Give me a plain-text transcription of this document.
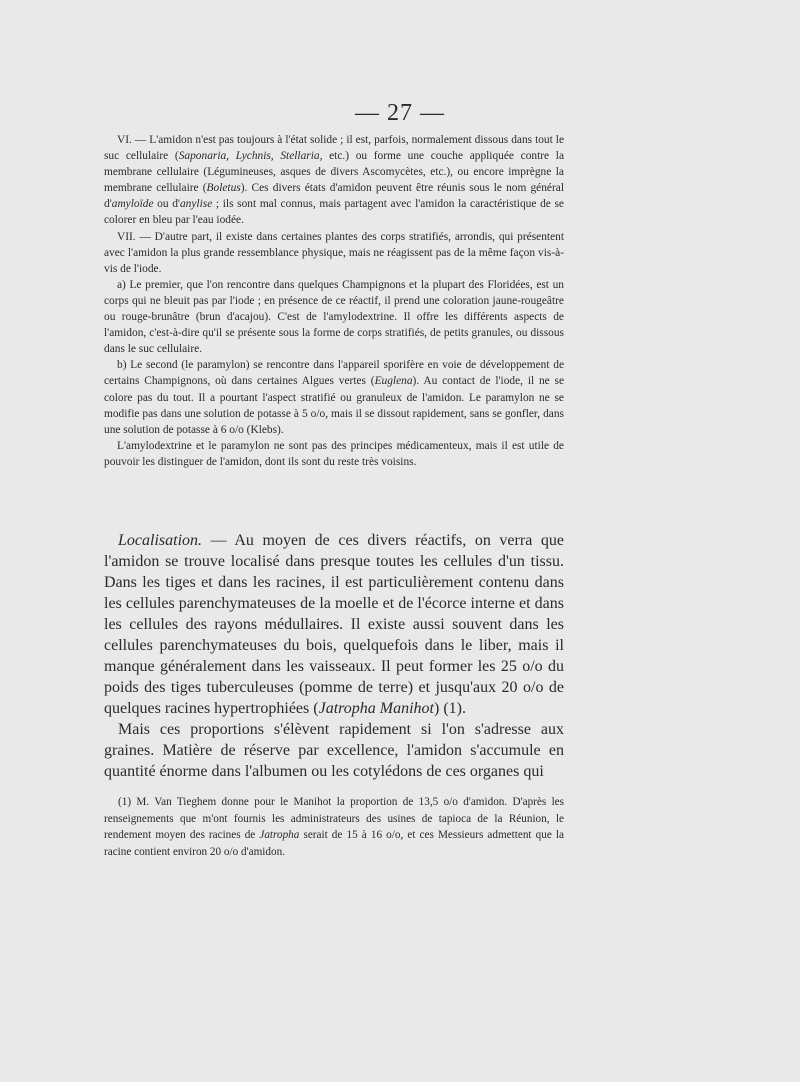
— 27 —

VI. — L'amidon n'est pas toujours à l'état solide ; il est, parfois, normalement dissous dans tout le suc cellulaire (Saponaria, Lychnis, Stellaria, etc.) ou forme une couche appliquée contre la membrane cellulaire (Légumineuses, asques de divers Ascomycètes, etc.), ou encore imprègne la membrane cellulaire (Boletus). Ces divers états d'amidon peuvent être réunis sous le nom général d'amyloïde ou d'anylise ; ils sont mal connus, mais partagent avec l'amidon la caractéristique de se colorer en bleu par l'eau iodée.

VII. — D'autre part, il existe dans certaines plantes des corps stratifiés, arrondis, qui présentent avec l'amidon la plus grande ressemblance physique, mais ne réagissent pas de la même façon vis-à-vis de l'iode.

a) Le premier, que l'on rencontre dans quelques Champignons et la plupart des Floridées, est un corps qui ne bleuit pas par l'iode ; en présence de ce réactif, il prend une coloration jaune-rougeâtre ou rouge-brunâtre (brun d'acajou). C'est de l'amylodextrine. Il offre les différents aspects de l'amidon, c'est-à-dire qu'il se présente sous la forme de corps stratifiés, de petits granules, ou dissous dans le suc cellulaire.

b) Le second (le paramylon) se rencontre dans l'appareil sporifère en voie de développement de certains Champignons, où dans certaines Algues vertes (Euglena). Au contact de l'iode, il ne se colore pas du tout. Il a pourtant l'aspect stratifié ou granuleux de l'amidon. Le paramylon ne se modifie pas dans une solution de potasse à 5 o/o, mais il se dissout rapidement, sans se gonfler, dans une solution de potasse à 6 o/o (Klebs).

L'amylodextrine et le paramylon ne sont pas des principes médicamenteux, mais il est utile de pouvoir les distinguer de l'amidon, dont ils sont du reste très voisins.

Localisation. — Au moyen de ces divers réactifs, on verra que l'amidon se trouve localisé dans presque toutes les cellules d'un tissu. Dans les tiges et dans les racines, il est particulièrement contenu dans les cellules parenchymateuses de la moelle et de l'écorce interne et dans les cellules des rayons médullaires. Il existe aussi souvent dans les cellules parenchymateuses du bois, quelquefois dans le liber, mais il manque généralement dans les vaisseaux. Il peut former les 25 o/o du poids des tiges tuberculeuses (pomme de terre) et jusqu'aux 20 o/o de quelques racines hypertrophiées (Jatropha Manihot) (1).

Mais ces proportions s'élèvent rapidement si l'on s'adresse aux graines. Matière de réserve par excellence, l'amidon s'accumule en quantité énorme dans l'albumen ou les cotylédons de ces organes qui

(1) M. Van Tieghem donne pour le Manihot la proportion de 13,5 o/o d'amidon. D'après les renseignements que m'ont fournis les administrateurs des usines de tapioca de la Réunion, le rendement moyen des racines de Jatropha serait de 15 à 16 o/o, et ces Messieurs admettent que la racine contient environ 20 o/o d'amidon.
